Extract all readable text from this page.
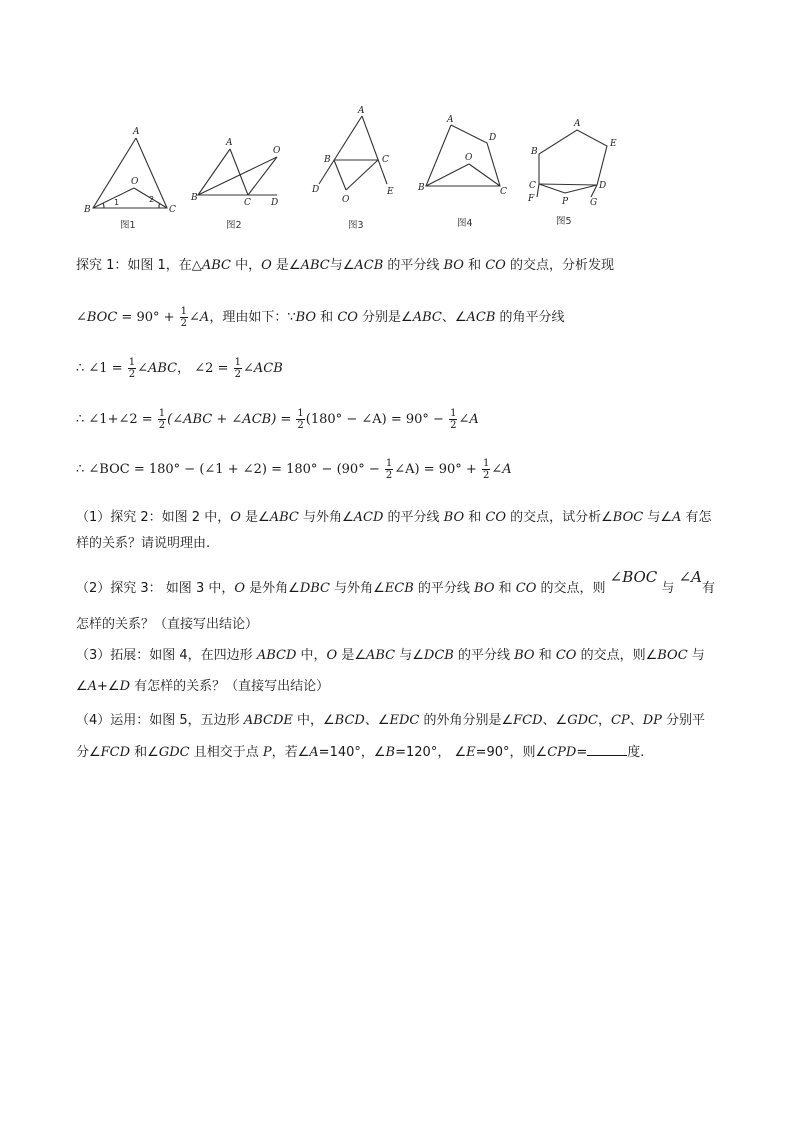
A
O
B	C
1	2
图1
A
O
B	C D
图2
A
B	C
D	E
O
图3
A
D
O
B	C
图4
A
B
E
C	D
F	P G
图5
探究 1：如图 1，在△ABC 中，O 是∠ABC与∠ACB 的平分线 BO 和 CO 的交点，分析发现
∠BOC = $90^\circ + \frac{1}{2}$ ∠A，理由如下：∵BO 和 CO 分别是∠ABC、∠ACB 的角平分线
∴ ∠1 = $\frac{1}{2}$ ∠ABC， ∠2 = $\frac{1}{2}$ ∠ACB
∴ ∠1+∠2 = $\frac{1}{2}$ (∠ABC + ∠ACB) = $\frac{1}{2} (180^\circ$ − ∠A) = $90^\circ - \frac{1}{2}$ ∠A
∴ ∠BOC = 180° − (∠1 + ∠2) = $180^\circ - (90^\circ - \frac{1}{2}$ ∠A) = $90^\circ + \frac{1}{2}$ ∠A
（1）探究 2：如图 2 中，O 是∠ABC 与外角∠ACD 的平分线 BO 和 CO 的交点，试分析∠BOC 与∠A 有怎
样的关系？请说明理由.
（2）探究 3： 如图 3 中，O 是外角∠DBC 与外角∠ECB 的平分线 BO 和 CO 的交点，则 ∠BOC 与 ∠A有
怎样的关系？（直接写出结论）
（3）拓展：如图 4，在四边形 ABCD 中，O 是∠ABC 与∠DCB 的平分线 BO 和 CO 的交点，则∠BOC 与
∠A+∠D 有怎样的关系？（直接写出结论）
（4）运用：如图 5，五边形 ABCDE 中，∠BCD、∠EDC 的外角分别是∠FCD、∠GDC，CP、DP 分别平
分∠FCD 和∠GDC 且相交于点 P，若∠A=140°，∠B=120°， ∠E=90°，则∠CPD=	度.
